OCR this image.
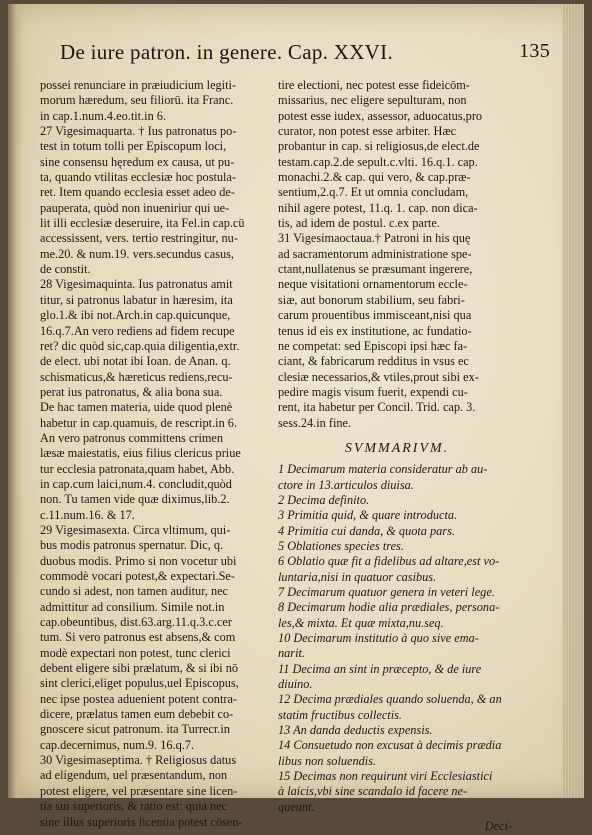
De iure patron. in genere. Cap. XXVI.	135

possei renunciare in præiudicium legiti-

morum hæredum, seu filiorū. ita Franc.

in cap.1.num.4.eo.tit.in 6.

27 Vigesimaquarta. † Ius patronatus po-

test in totum tolli per Episcopum loci,

sine consensu hęredum ex causa, ut pu-

ta, quando vtilitas ecclesiæ hoc postula-

ret. Item quando ecclesia esset adeo de-

pauperata, quòd non inueniriur qui ue-

lit illi ecclesiæ deseruire, ita Fel.in cap.cū

accessissent, vers. tertio restringitur, nu-

me.20. & num.19. vers.secundus casus,

de constit.

28 Vigesimaquinta. Ius patronatus amit

titur, si patronus labatur in hæresim, ita

glo.1.& ibi not.Arch.in cap.quicunque,

16.q.7.An vero rediens ad fidem recupe

ret? dic quòd sic,cap.quia diligentia,extr.

de elect. ubi notat ibi Ioan. de Anan. q.

schismaticus,& hæreticus rediens,recu-

perat ius patronatus, & alia bona sua.

De hac tamen materia, uide quod plenè

habetur in cap.quamuis, de rescript.in 6.

An vero patronus committens crimen

læsæ maiestatis, eius filius clericus priue

tur ecclesia patronata,quam habet, Abb.

in cap.cum laici,num.4. concludit,quòd

non. Tu tamen vide quæ diximus,lib.2.

c.11.num.16. & 17.

29 Vigesimasexta. Circa vltimum, qui-

bus modis patronus spernatur. Dic, q.

duobus modis. Primo si non vocetur ubi

commodè vocari potest,& expectari.Se-

cundo si adest, non tamen auditur, nec

admittitur ad consilium. Simile not.in

cap.obeuntibus, dist.63.arg.11.q.3.c.cer

tum. Si vero patronus est absens,& com

modè expectari non potest, tunc clerici

debent eligere sibi prælatum, & si ibi nō

sint clerici,eliget populus,uel Episcopus,

nec ipse postea aduenient potent contra-

dicere, prælatus tamen eum debebit co-

gnoscere sicut patronum. ita Turrecr.in

cap.decernimus, num.9. 16.q.7.

30 Vigesimaseptima. † Religiosus datus

ad eligendum, uel præsentandum, non

potest eligere, vel præsentare sine licen-

tia sui superioris, & ratio est: quia nec

sine illus superioris licentia potest cōsen-

tire electioni, nec potest esse fideicōm-

missarius, nec eligere sepulturam, non

potest esse iudex, assessor, aduocatus,pro

curator, non potest esse arbiter. Hæc

probantur in cap. si religiosus,de elect.de

testam.cap.2.de sepult.c.vlti. 16.q.1. cap.

monachi.2.& cap. qui vero, & cap.præ-

sentium,2.q.7. Et ut omnia concludam,

nihil agere potest, 11.q. 1. cap. non dica-

tis, ad idem de postul. c.ex parte.

31 Vigesimaoctaua.† Patroni in his quę

ad sacramentorum administratione spe-

ctant,nullatenus se præsumant ingerere,

neque visitationi ornamentorum eccle-

siæ, aut bonorum stabilium, seu fabri-

carum prouentibus immisceant,nisi qua

tenus id eis ex institutione, ac fundatio-

ne competat: sed Episcopi ipsi hæc fa-

ciant, & fabricarum redditus in vsus ec

clesiæ necessarios,& vtiles,prout sibi ex-

pedire magis visum fuerit, expendi cu-

rent, ita habetur per Concil. Trid. cap. 3.

sess.24.in fine.

SVMMARIVM.

1 Decimarum materia consideratur ab au-

ctore in 13.articulos diuisa.

2 Decima definito.

3 Primitia quid, & quare introducta.

4 Primitia cui danda, & quota pars.

5 Oblationes species tres.

6 Oblatio quæ fit a fidelibus ad altare,est vo-

luntaria,nisi in quatuor casibus.

7 Decimarum quatuor genera in veteri lege.

8 Decimarum hodie alia prædiales, personа-

les,& mixta. Et quæ mixta,nu.seq.

10 Decimarum institutio à quo sive ema-

narit.

11 Decima an sint in præcepto, & de iure

diuino.

12 Decima prædiales quando soluenda, & an

statim fructibus collectis.

13 An danda deductis expensis.

14 Consuetudo non excusat à decimis prædia

libus non soluendis.

15 Decimas non requirunt viri Ecclesiastici

à laicis,vbi sine scandalo id facere ne-

queunt.

Deci-
